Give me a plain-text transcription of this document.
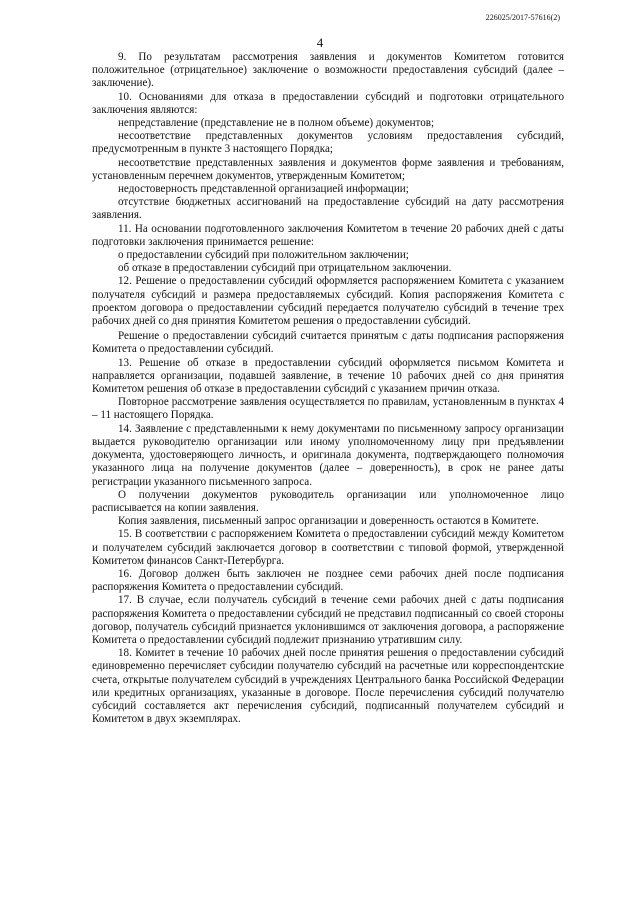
226025/2017-57616(2)
4

9. По результатам рассмотрения заявления и документов Комитетом готовится положительное (отрицательное) заключение о возможности предоставления субсидий (далее – заключение).

10. Основаниями для отказа в предоставлении субсидий и подготовки отрицательного заключения являются:

непредставление (представление не в полном объеме) документов;

несоответствие представленных документов условиям предоставления субсидий, предусмотренным в пункте 3 настоящего Порядка;

несоответствие представленных заявления и документов форме заявления и требованиям, установленным перечнем документов, утвержденным Комитетом;

недостоверность представленной организацией информации;

отсутствие бюджетных ассигнований на предоставление субсидий на дату рассмотрения заявления.

11. На основании подготовленного заключения Комитетом в течение 20 рабочих дней с даты подготовки заключения принимается решение:

о предоставлении субсидий при положительном заключении;

об отказе в предоставлении субсидий при отрицательном заключении.

12. Решение о предоставлении субсидий оформляется распоряжением Комитета с указанием получателя субсидий и размера предоставляемых субсидий. Копия распоряжения Комитета с проектом договора о предоставлении субсидий передается получателю субсидий в течение трех рабочих дней со дня принятия Комитетом решения о предоставлении субсидий.

Решение о предоставлении субсидий считается принятым с даты подписания распоряжения Комитета о предоставлении субсидий.

13. Решение об отказе в предоставлении субсидий оформляется письмом Комитета и направляется организации, подавшей заявление, в течение 10 рабочих дней со дня принятия Комитетом решения об отказе в предоставлении субсидий с указанием причин отказа.

Повторное рассмотрение заявления осуществляется по правилам, установленным в пунктах 4 – 11 настоящего Порядка.

14. Заявление с представленными к нему документами по письменному запросу организации выдается руководителю организации или иному уполномоченному лицу при предъявлении документа, удостоверяющего личность, и оригинала документа, подтверждающего полномочия указанного лица на получение документов (далее – доверенность), в срок не ранее даты регистрации указанного письменного запроса.

О получении документов руководитель организации или уполномоченное лицо расписывается на копии заявления.

Копия заявления, письменный запрос организации и доверенность остаются в Комитете.

15. В соответствии с распоряжением Комитета о предоставлении субсидий между Комитетом и получателем субсидий заключается договор в соответствии с типовой формой, утвержденной Комитетом финансов Санкт-Петербурга.

16. Договор должен быть заключен не позднее семи рабочих дней после подписания распоряжения Комитета о предоставлении субсидий.

17. В случае, если получатель субсидий в течение семи рабочих дней с даты подписания распоряжения Комитета о предоставлении субсидий не представил подписанный со своей стороны договор, получатель субсидий признается уклонившимся от заключения договора, а распоряжение Комитета о предоставлении субсидий подлежит признанию утратившим силу.

18. Комитет в течение 10 рабочих дней после принятия решения о предоставлении субсидий единовременно перечисляет субсидии получателю субсидий на расчетные или корреспондентские счета, открытые получателем субсидий в учреждениях Центрального банка Российской Федерации или кредитных организациях, указанные в договоре. После перечисления субсидий получателю субсидий составляется акт перечисления субсидий, подписанный получателем субсидий и Комитетом в двух экземплярах.
